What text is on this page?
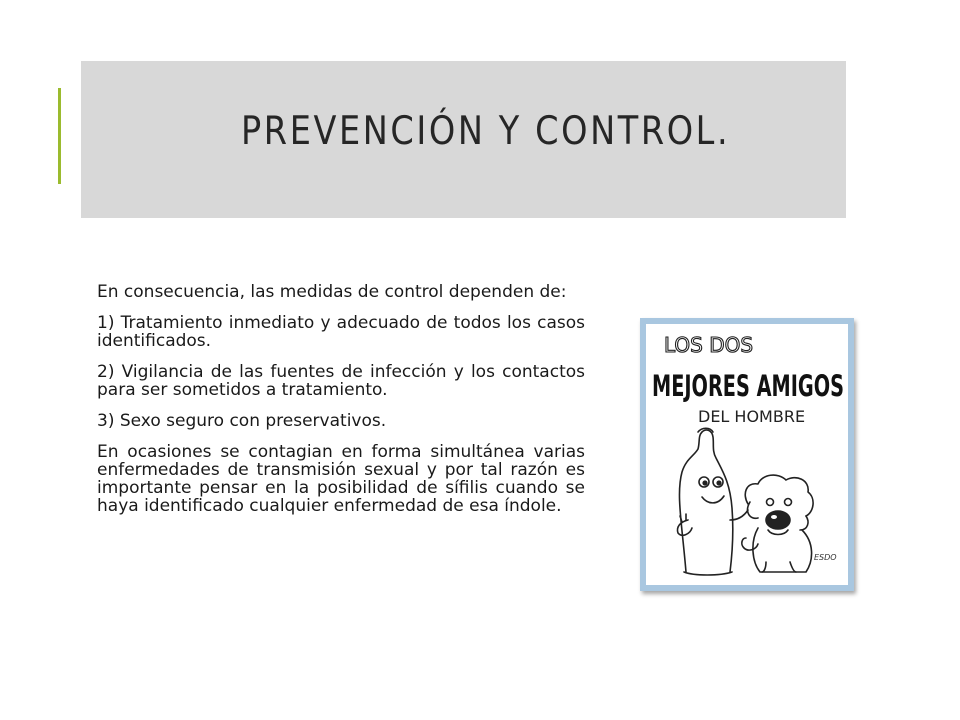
PREVENCIÓN Y CONTROL.

En consecuencia, las medidas de control dependen de:

1) Tratamiento inmediato y adecuado de todos los casos identificados.

2) Vigilancia de las fuentes de infección y los contactos para ser sometidos a tratamiento.

3) Sexo seguro con preservativos.

En ocasiones se contagian en forma simultánea varias enfermedades de transmisión sexual y por tal razón es importante pensar en la posibilidad de sífilis cuando se haya identificado cualquier enfermedad de esa índole.

LOS DOS
MEJORES AMIGOS
DEL HOMBRE
ESDO
